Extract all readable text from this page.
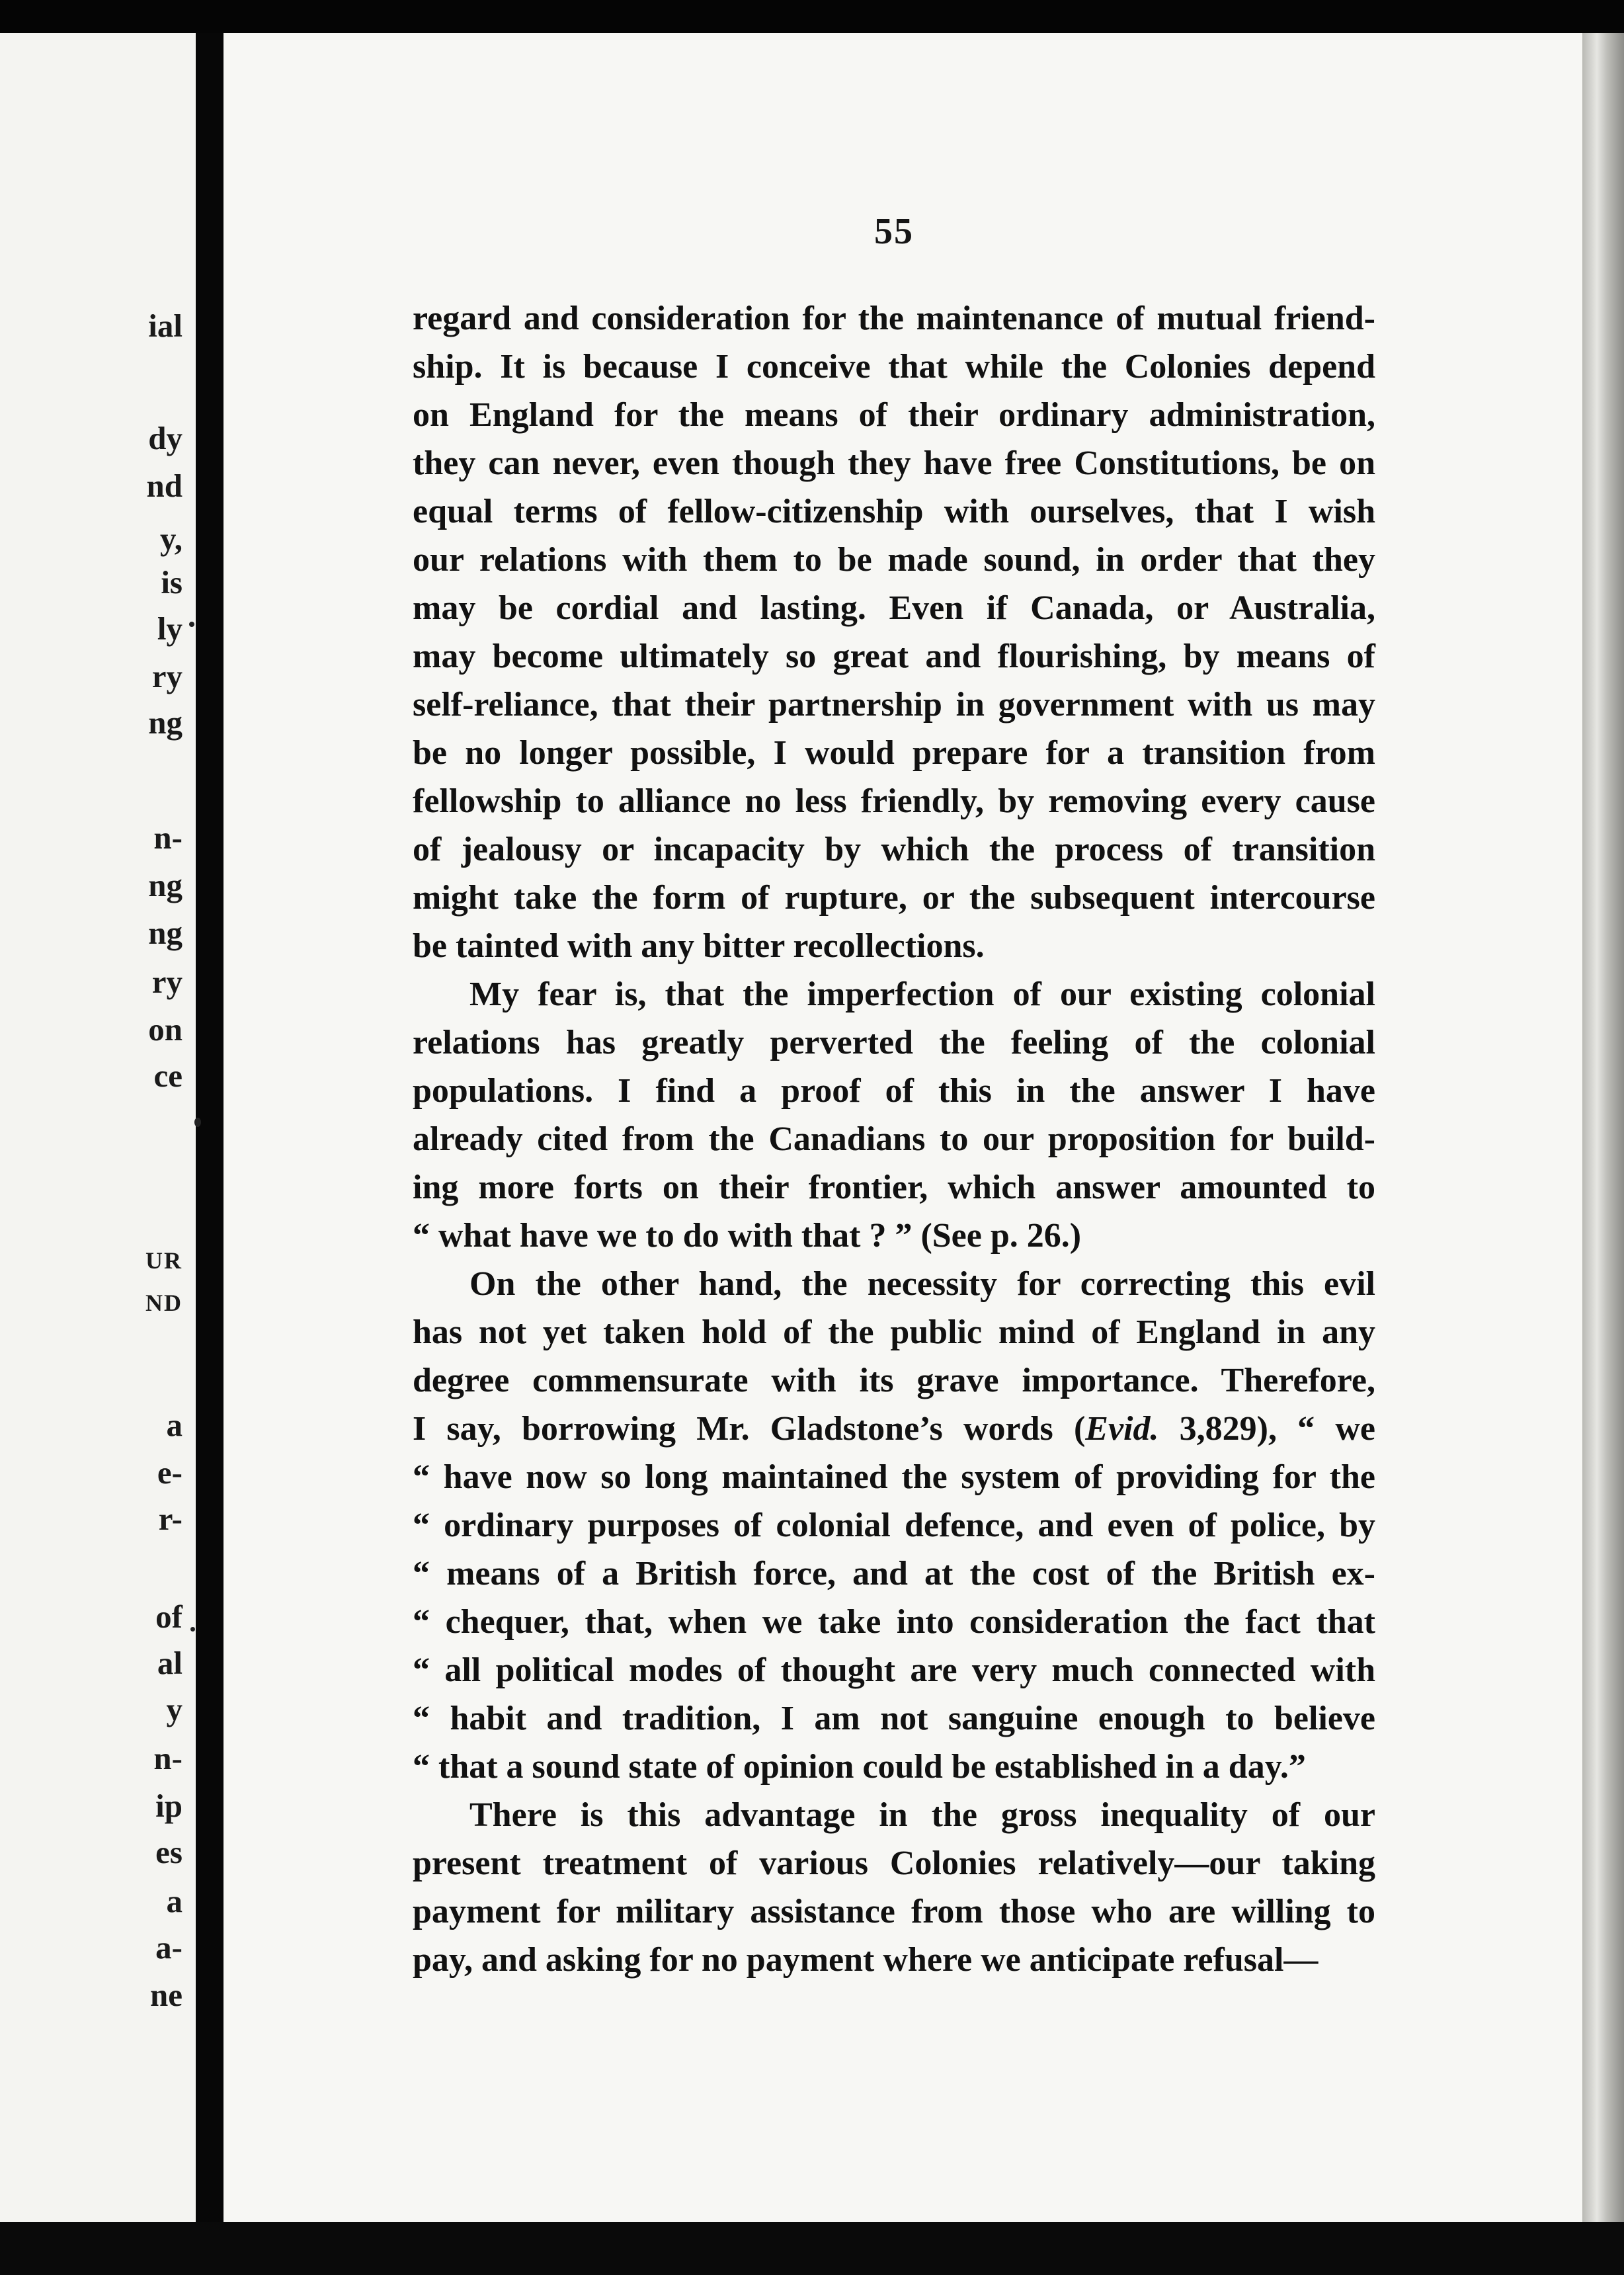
ial

dy

nd

y,

is

ly

ry

ng

n-

ng

ng

ry

on

ce

UR

ND

a

e-

r-

of

al

y

n-

ip

es

a

a-

ne

55

regard and consideration for the maintenance of mutual friend-
ship. It is because I conceive that while the Colonies depend
on England for the means of their ordinary administration,
they can never, even though they have free Constitutions, be on
equal terms of fellow-citizenship with ourselves, that I wish
our relations with them to be made sound, in order that they
may be cordial and lasting. Even if Canada, or Australia,
may become ultimately so great and flourishing, by means of
self-reliance, that their partnership in government with us may
be no longer possible, I would prepare for a transition from
fellowship to alliance no less friendly, by removing every cause
of jealousy or incapacity by which the process of transition
might take the form of rupture, or the subsequent intercourse
be tainted with any bitter recollections.
My fear is, that the imperfection of our existing colonial
relations has greatly perverted the feeling of the colonial
populations. I find a proof of this in the answer I have
already cited from the Canadians to our proposition for build-
ing more forts on their frontier, which answer amounted to
“ what have we to do with that ? ” (See p. 26.)
On the other hand, the necessity for correcting this evil
has not yet taken hold of the public mind of England in any
degree commensurate with its grave importance. Therefore,
I say, borrowing Mr. Gladstone’s words (Evid. 3,829), “ we
“ have now so long maintained the system of providing for the
“ ordinary purposes of colonial defence, and even of police, by
“ means of a British force, and at the cost of the British ex-
“ chequer, that, when we take into consideration the fact that
“ all political modes of thought are very much connected with
“ habit and tradition, I am not sanguine enough to believe
“ that a sound state of opinion could be established in a day.”
There is this advantage in the gross inequality of our
present treatment of various Colonies relatively—our taking
payment for military assistance from those who are willing to
pay, and asking for no payment where we anticipate refusal—
